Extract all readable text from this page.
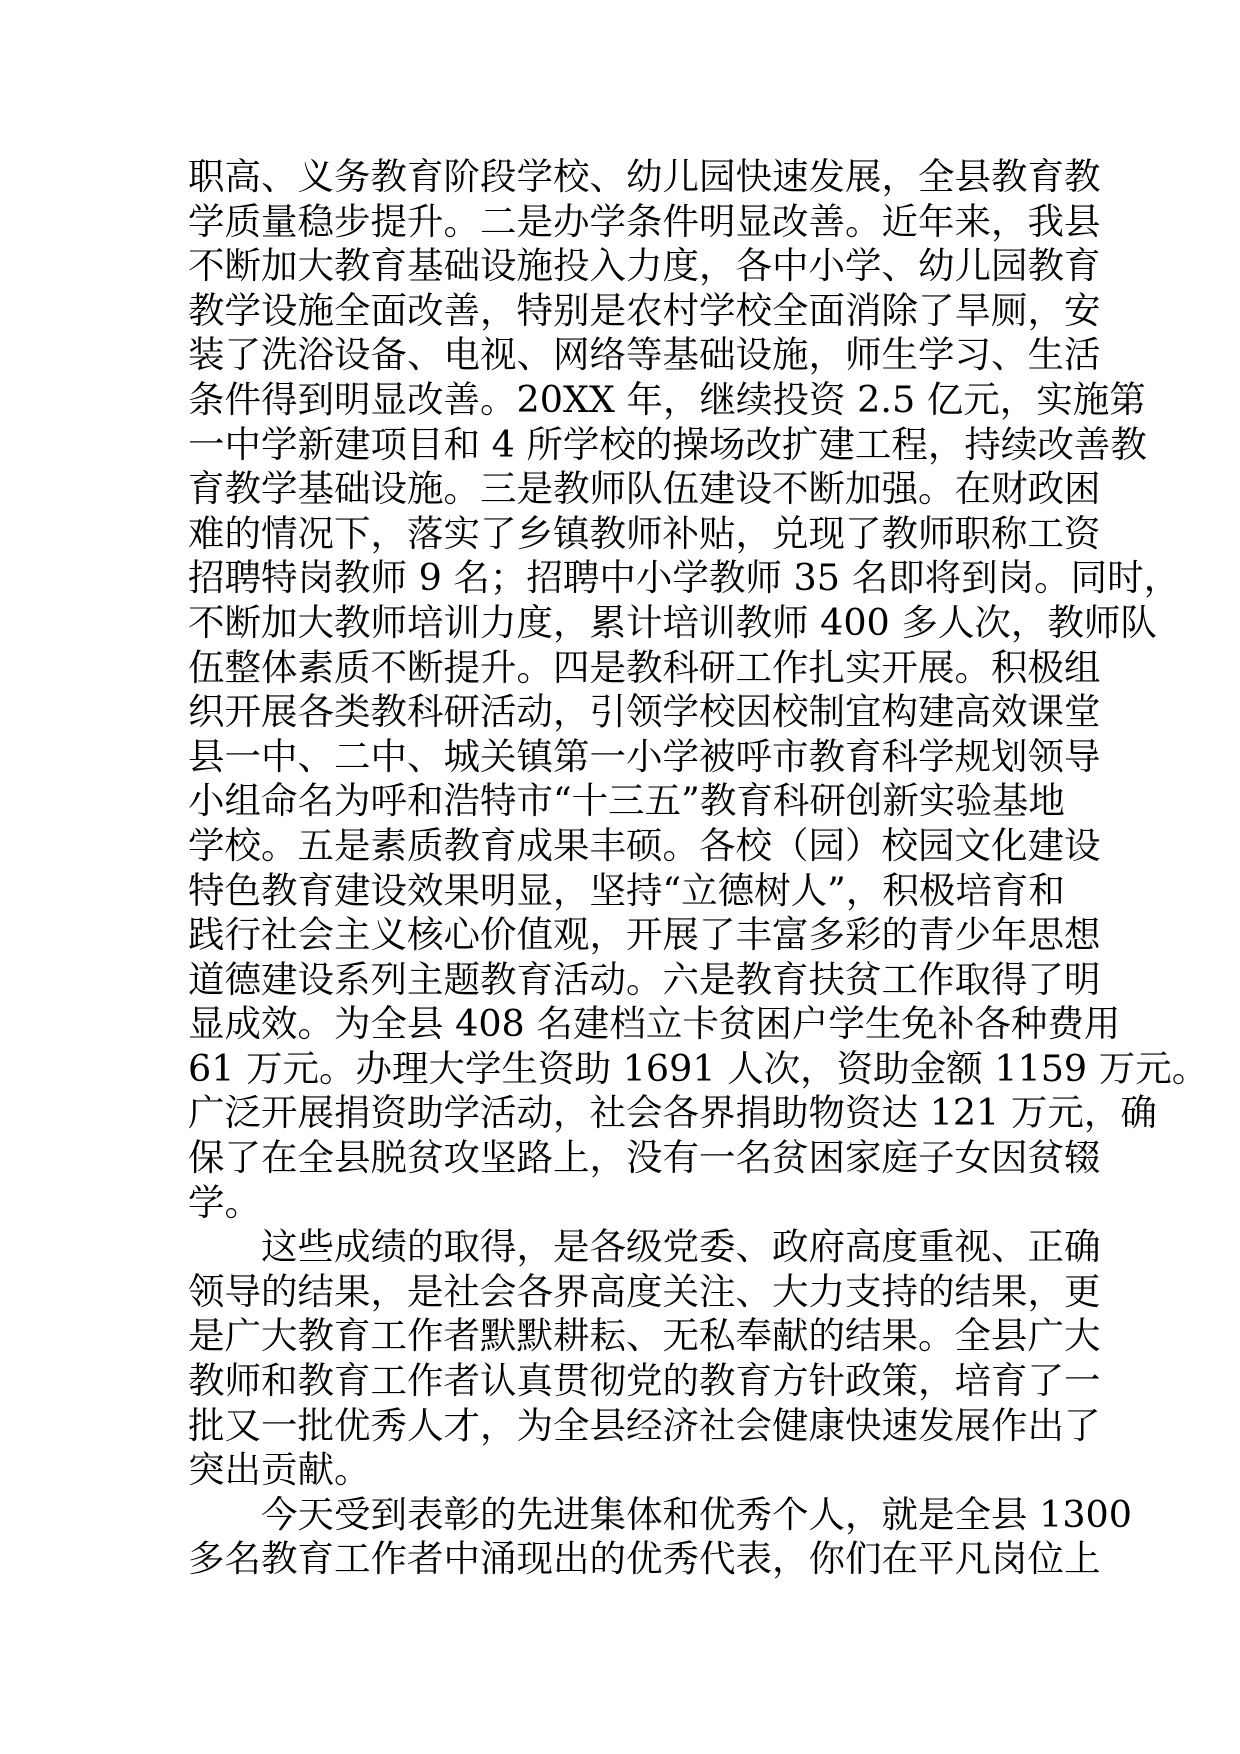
职高、义务教育阶段学校、幼儿园快速发展，全县教育教
学质量稳步提升。二是办学条件明显改善。近年来，我县
不断加大教育基础设施投入力度，各中小学、幼儿园教育
教学设施全面改善，特别是农村学校全面消除了旱厕，安
装了洗浴设备、电视、网络等基础设施，师生学习、生活
条件得到明显改善。20XX 年，继续投资 2.5 亿元，实施第
一中学新建项目和 4 所学校的操场改扩建工程，持续改善教
育教学基础设施。三是教师队伍建设不断加强。在财政困
难的情况下，落实了乡镇教师补贴，兑现了教师职称工资
招聘特岗教师 9 名；招聘中小学教师 35 名即将到岗。同时，
不断加大教师培训力度，累计培训教师 400 多人次，教师队
伍整体素质不断提升。四是教科研工作扎实开展。积极组
织开展各类教科研活动，引领学校因校制宜构建高效课堂
县一中、二中、城关镇第一小学被呼市教育科学规划领导
小组命名为呼和浩特市“十三五”教育科研创新实验基地
学校。五是素质教育成果丰硕。各校（园）校园文化建设
特色教育建设效果明显，坚持“立德树人”，积极培育和
践行社会主义核心价值观，开展了丰富多彩的青少年思想
道德建设系列主题教育活动。六是教育扶贫工作取得了明
显成效。为全县 408 名建档立卡贫困户学生免补各种费用
61 万元。办理大学生资助 1691 人次，资助金额 1159 万元。
广泛开展捐资助学活动，社会各界捐助物资达 121 万元，确
保了在全县脱贫攻坚路上，没有一名贫困家庭子女因贫辍
学。
这些成绩的取得，是各级党委、政府高度重视、正确
领导的结果，是社会各界高度关注、大力支持的结果，更
是广大教育工作者默默耕耘、无私奉献的结果。全县广大
教师和教育工作者认真贯彻党的教育方针政策，培育了一
批又一批优秀人才，为全县经济社会健康快速发展作出了
突出贡献。
今天受到表彰的先进集体和优秀个人，就是全县 1300
多名教育工作者中涌现出的优秀代表，你们在平凡岗位上
